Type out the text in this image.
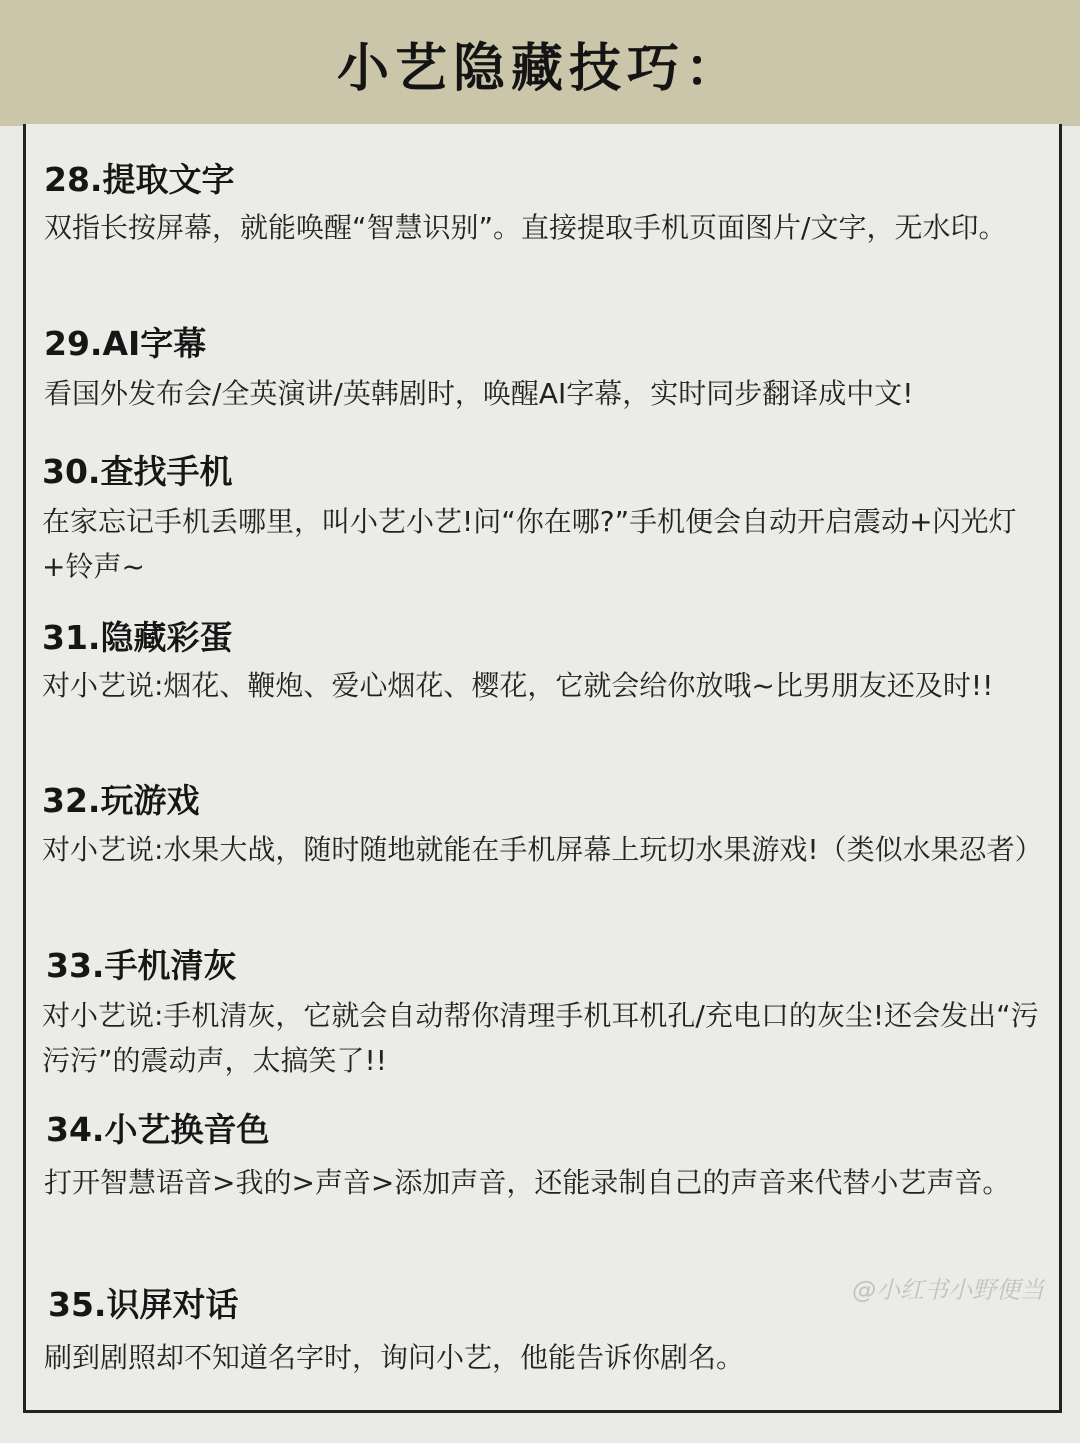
小艺隐藏技巧：
28.提取文字
双指长按屏幕，就能唤醒“智慧识别”。直接提取手机页面图片/文字，无水印。
29.AI字幕
看国外发布会/全英演讲/英韩剧时，唤醒AI字幕，实时同步翻译成中文!
30.查找手机
在家忘记手机丢哪里，叫小艺小艺!问“你在哪?”手机便会自动开启震动+闪光灯+铃声~
31.隐藏彩蛋
对小艺说:烟花、鞭炮、爱心烟花、樱花，它就会给你放哦~比男朋友还及时!!
32.玩游戏
对小艺说:水果大战，随时随地就能在手机屏幕上玩切水果游戏!（类似水果忍者）
33.手机清灰
对小艺说:手机清灰，它就会自动帮你清理手机耳机孔/充电口的灰尘!还会发出“污污污”的震动声，太搞笑了!!
34.小艺换音色
打开智慧语音>我的>声音>添加声音，还能录制自己的声音来代替小艺声音。
@小红书小野便当
35.识屏对话
刷到剧照却不知道名字时，询问小艺，他能告诉你剧名。
